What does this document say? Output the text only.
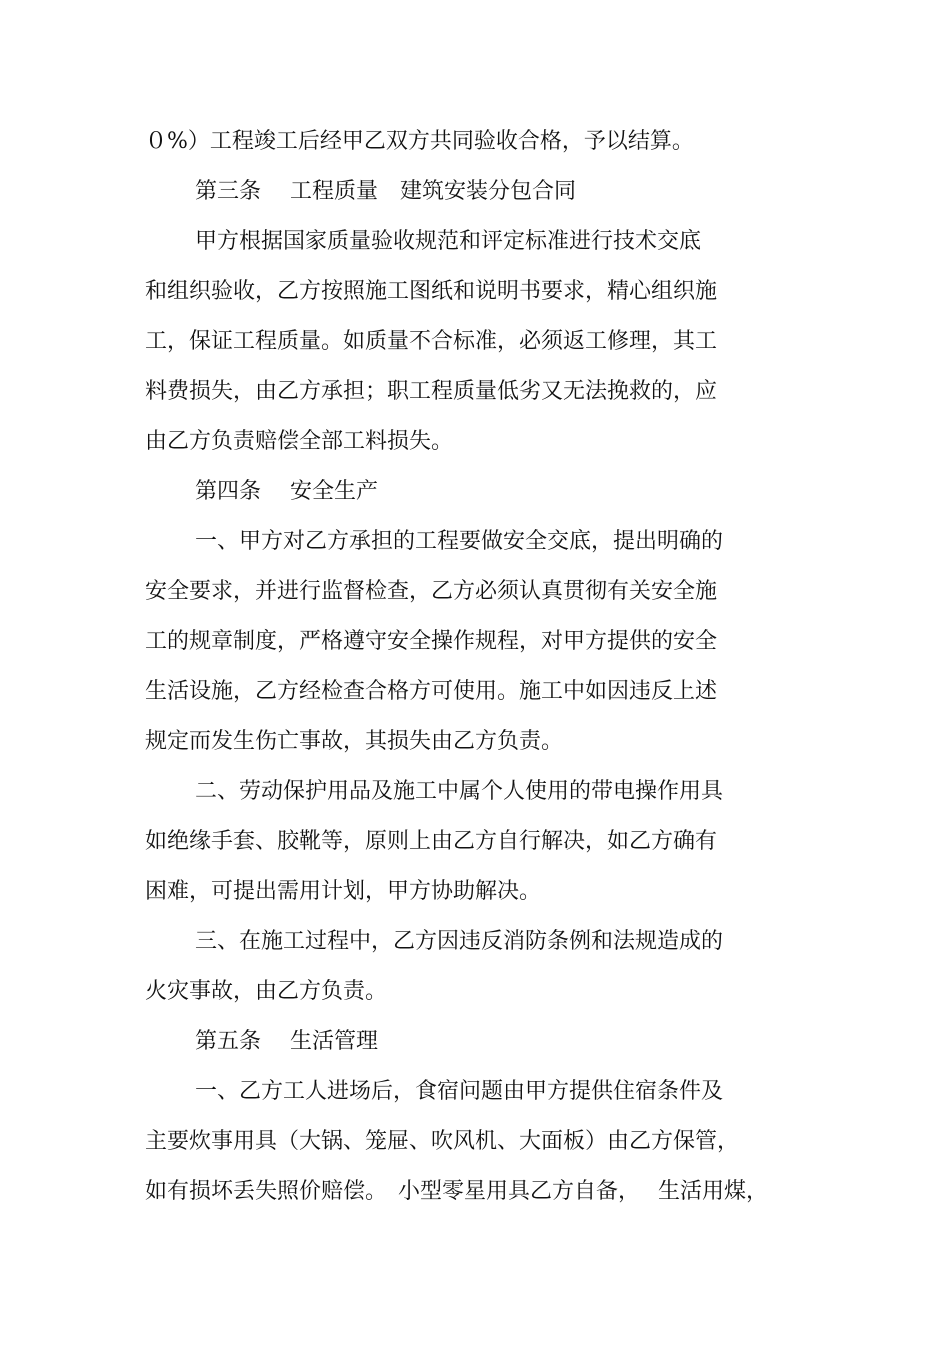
０%）工程竣工后经甲乙双方共同验收合格，予以结算。
第三条　 工程质量　建筑安装分包合同
甲方根据国家质量验收规范和评定标准进行技术交底
和组织验收，乙方按照施工图纸和说明书要求，精心组织施
工，保证工程质量。如质量不合标准，必须返工修理，其工
料费损失，由乙方承担；职工程质量低劣又无法挽救的，应
由乙方负责赔偿全部工料损失。
第四条　 安全生产
一、甲方对乙方承担的工程要做安全交底，提出明确的
安全要求，并进行监督检查，乙方必须认真贯彻有关安全施
工的规章制度，严格遵守安全操作规程，对甲方提供的安全
生活设施，乙方经检查合格方可使用。施工中如因违反上述
规定而发生伤亡事故，其损失由乙方负责。
二、劳动保护用品及施工中属个人使用的带电操作用具
如绝缘手套、胶靴等，原则上由乙方自行解决，如乙方确有
困难，可提出需用计划，甲方协助解决。
三、在施工过程中，乙方因违反消防条例和法规造成的
火灾事故，由乙方负责。
第五条　 生活管理
一、乙方工人进场后，食宿问题由甲方提供住宿条件及
主要炊事用具（大锅、笼屉、吹风机、大面板）由乙方保管，
如有损坏丢失照价赔偿。　小型零星用具乙方自备，　 生活用煤，
